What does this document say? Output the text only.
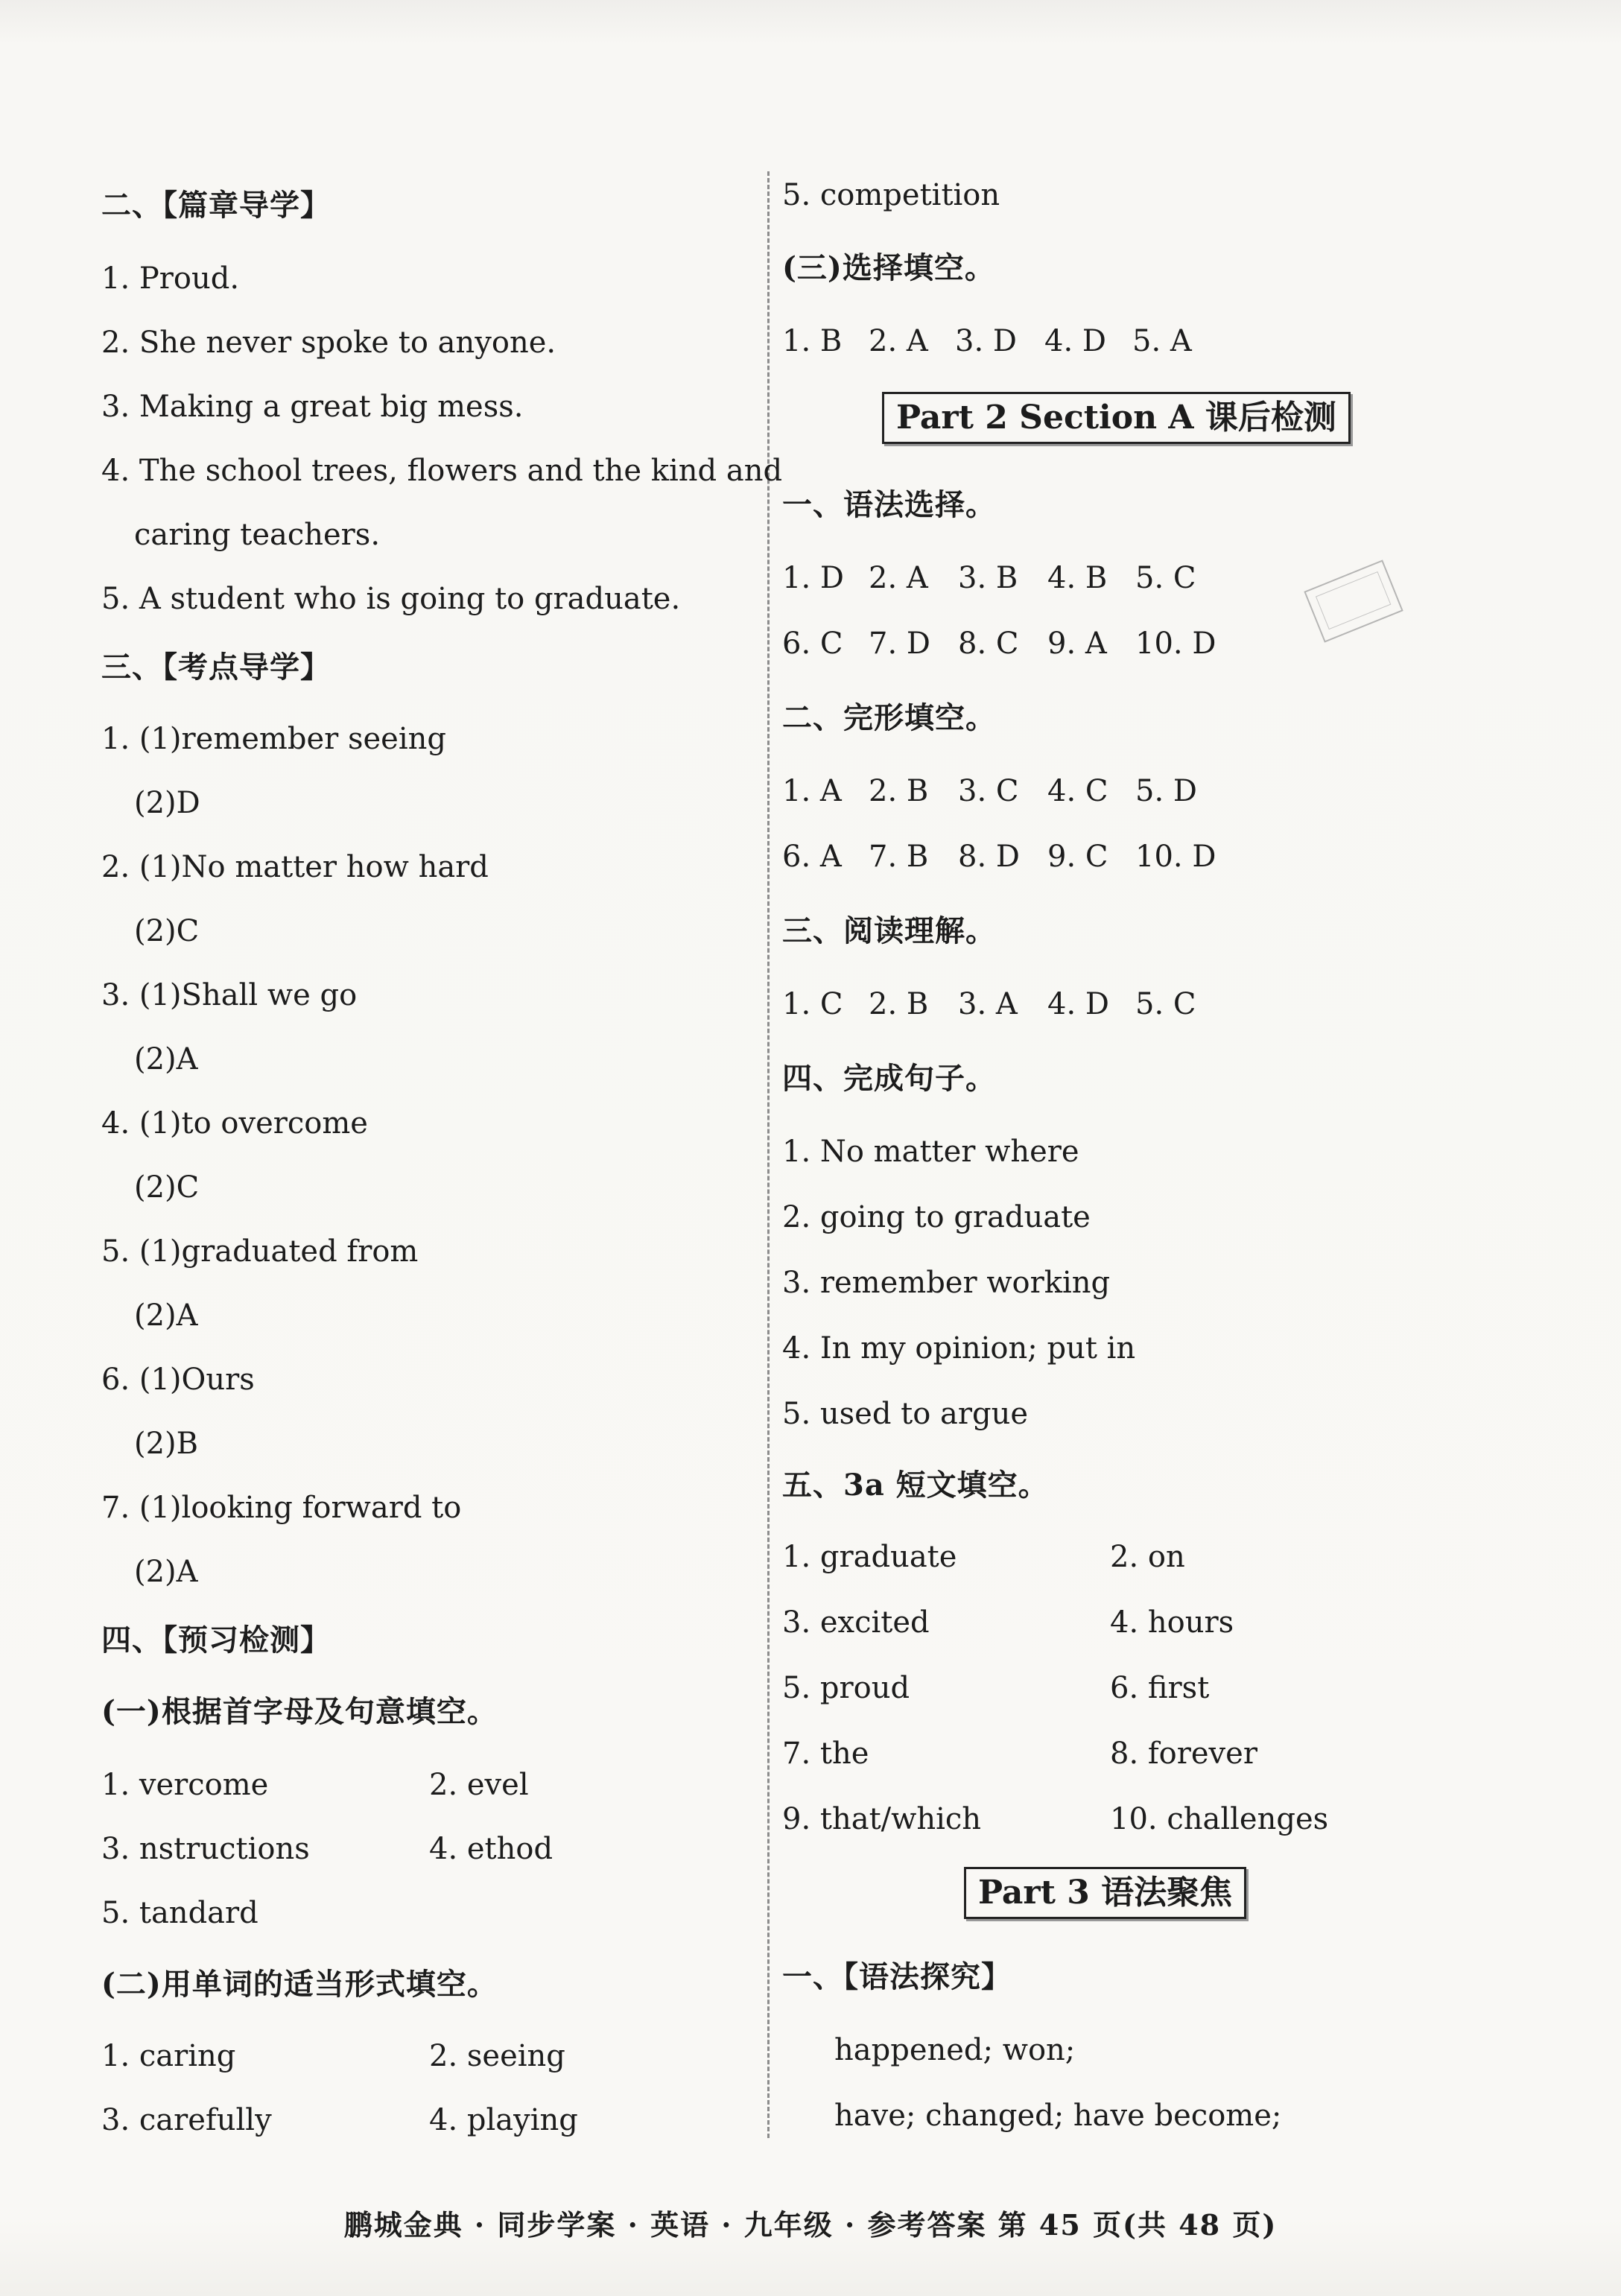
二、【篇章导学】
1. Proud.
2. She never spoke to anyone.
3. Making a great big mess.
4. The school trees, flowers and the kind and
caring teachers.
5. A student who is going to graduate.
三、【考点导学】
1. (1)remember seeing
(2)D
2. (1)No matter how hard
(2)C
3. (1)Shall we go
(2)A
4. (1)to overcome
(2)C
5. (1)graduated from
(2)A
6. (1)Ours
(2)B
7. (1)looking forward to
(2)A
四、【预习检测】
(一)根据首字母及句意填空。
1. vercome	2. evel
3. nstructions	4. ethod
5. tandard
(二)用单词的适当形式填空。
1. caring	2. seeing
3. carefully	4. playing
5. competition
(三)选择填空。
1. B 2. A 3. D 4. D 5. A
Part 2 Section A 课后检测
一、语法选择。
1. D 2. A 3. B 4. B 5. C
6. C 7. D 8. C 9. A 10. D
二、完形填空。
1. A 2. B 3. C 4. C 5. D
6. A 7. B 8. D 9. C 10. D
三、阅读理解。
1. C 2. B 3. A 4. D 5. C
四、完成句子。
1. No matter where
2. going to graduate
3. remember working
4. In my opinion; put in
5. used to argue
五、3a 短文填空。
1. graduate	2. on
3. excited	4. hours
5. proud	6. first
7. the	8. forever
9. that/which	10. challenges
Part 3 语法聚焦
一、【语法探究】
happened; won;
have; changed; have become;
鹏城金典 · 同步学案 · 英语 · 九年级 · 参考答案 第 45 页(共 48 页)
